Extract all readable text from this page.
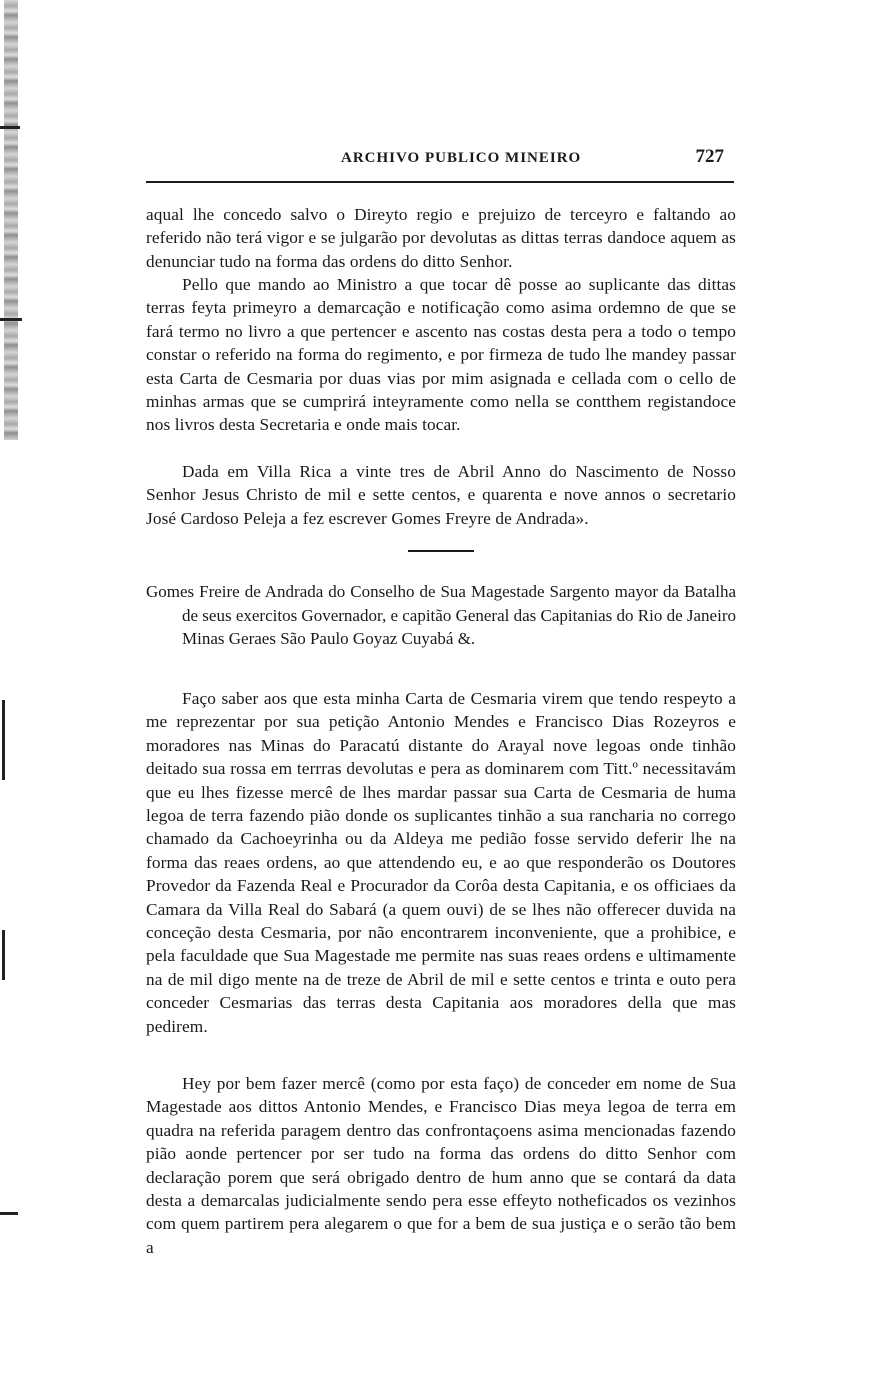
ARCHIVO PUBLICO MINEIRO	727

aqual lhe concedo salvo o Direyto regio e prejuizo de terceyro e faltando ao referido não terá vigor e se julgarão por devolutas as dittas terras dandoce aquem as denunciar tudo na forma das ordens do ditto Senhor.

Pello que mando ao Ministro a que tocar dê posse ao suplicante das dittas terras feyta primeyro a demarcação e notificação como asima ordemno de que se fará termo no livro a que pertencer e ascento nas costas desta pera a todo o tempo constar o referido na forma do regimento, e por firmeza de tudo lhe mandey passar esta Carta de Cesmaria por duas vias por mim asignada e cellada com o cello de minhas armas que se cumprirá inteyramente como nella se contthem registandoce nos livros desta Secretaria e onde mais tocar.

Dada em Villa Rica a vinte tres de Abril Anno do Nascimento de Nosso Senhor Jesus Christo de mil e sette centos, e quarenta e nove annos o secretario José Cardoso Peleja a fez escrever Gomes Freyre de Andrada».

Gomes Freire de Andrada do Conselho de Sua Magestade Sargento mayor da Batalha de seus exercitos Governador, e capitão General das Capitanias do Rio de Janeiro Minas Geraes São Paulo Goyaz Cuyabá &.

Faço saber aos que esta minha Carta de Cesmaria virem que tendo respeyto a me reprezentar por sua petição Antonio Mendes e Francisco Dias Rozeyros e moradores nas Minas do Paracatú distante do Arayal nove legoas onde tinhão deitado sua rossa em terrras devolutas e pera as dominarem com Titt.º necessitavám que eu lhes fizesse mercê de lhes mardar passar sua Carta de Cesmaria de huma legoa de terra fazendo pião donde os suplicantes tinhão a sua rancharia no corrego chamado da Cachoeyrinha ou da Aldeya me pedião fosse servido deferir lhe na forma das reaes ordens, ao que attendendo eu, e ao que responderão os Doutores Provedor da Fazenda Real e Procurador da Corôa desta Capitania, e os officiaes da Camara da Villa Real do Sabará (a quem ouvi) de se lhes não offerecer duvida na conceção desta Cesmaria, por não encontrarem inconveniente, que a prohibice, e pela faculdade que Sua Magestade me permite nas suas reaes ordens e ultimamente na de mil digo mente na de treze de Abril de mil e sette centos e trinta e outo pera conceder Cesmarias das terras desta Capitania aos moradores della que mas pedirem.

Hey por bem fazer mercê (como por esta faço) de conceder em nome de Sua Magestade aos dittos Antonio Mendes, e Francisco Dias meya legoa de terra em quadra na referida paragem dentro das confrontaçoens asima mencionadas fazendo pião aonde pertencer por ser tudo na forma das ordens do ditto Senhor com declaração porem que será obrigado dentro de hum anno que se contará da data desta a demarcalas judicialmente sendo pera esse effeyto notheficados os vezinhos com quem partirem pera alegarem o que for a bem de sua justiça e o serão tão bem a
